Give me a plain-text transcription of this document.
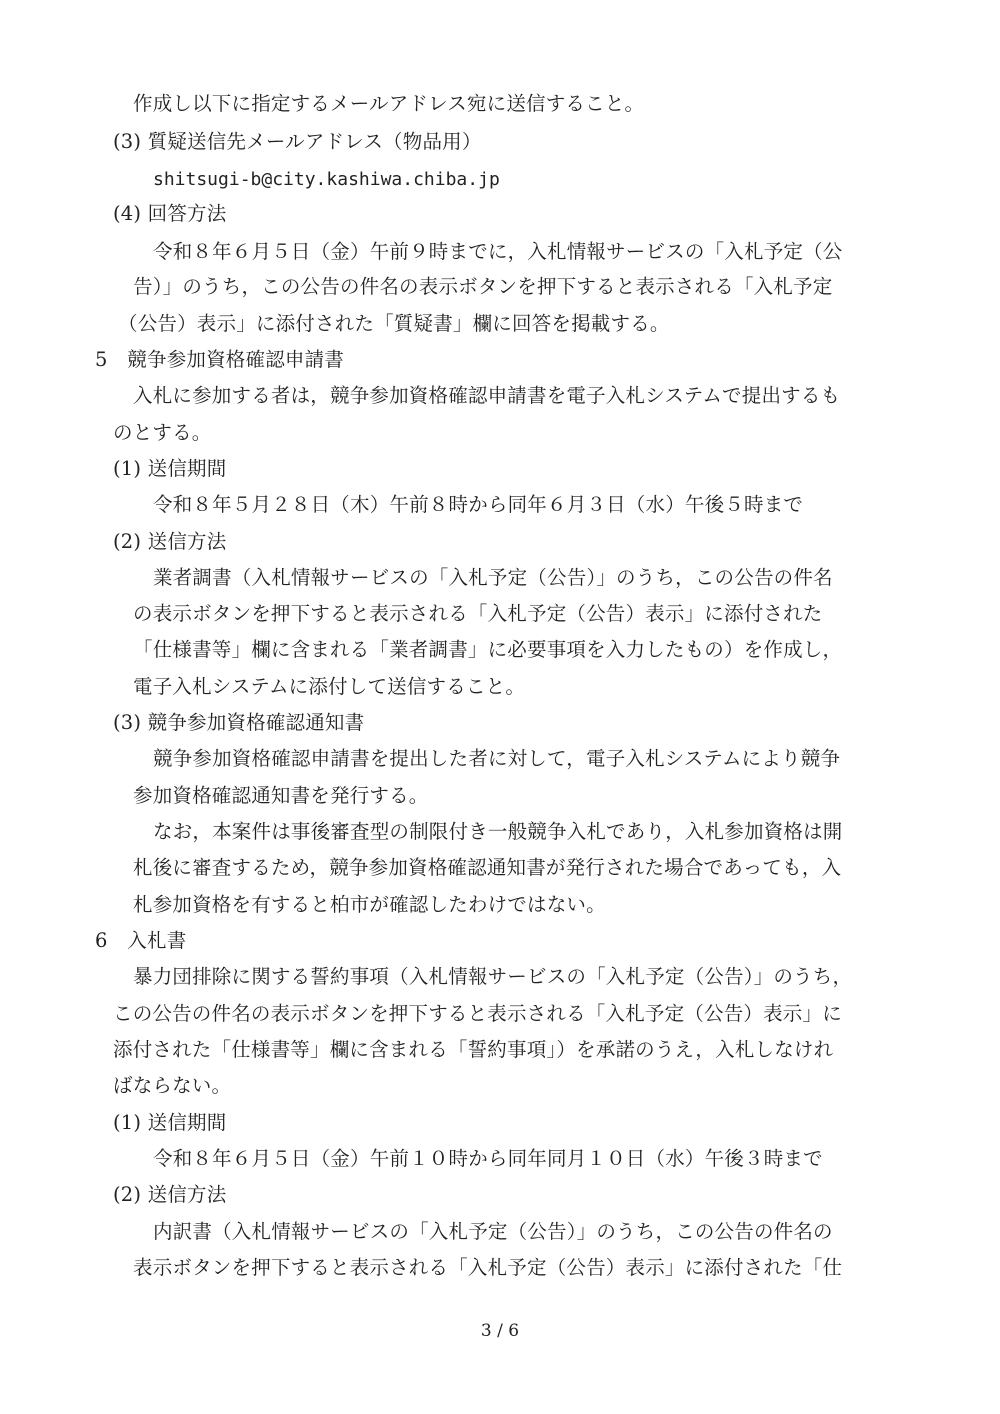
作成し以下に指定するメールアドレス宛に送信すること。
(3) 質疑送信先メールアドレス（物品用）
shitsugi-b@city.kashiwa.chiba.jp
(4) 回答方法
令和８年６月５日（金）午前９時までに，入札情報サービスの「入札予定（公
告）」のうち，この公告の件名の表示ボタンを押下すると表示される「入札予定
（公告）表示」に添付された「質疑書」欄に回答を掲載する。
5　競争参加資格確認申請書
入札に参加する者は，競争参加資格確認申請書を電子入札システムで提出するも
のとする。
(1) 送信期間
令和８年５月２８日（木）午前８時から同年６月３日（水）午後５時まで
(2) 送信方法
業者調書（入札情報サービスの「入札予定（公告）」のうち，この公告の件名
の表示ボタンを押下すると表示される「入札予定（公告）表示」に添付された
「仕様書等」欄に含まれる「業者調書」に必要事項を入力したもの）を作成し，
電子入札システムに添付して送信すること。
(3) 競争参加資格確認通知書
競争参加資格確認申請書を提出した者に対して，電子入札システムにより競争
参加資格確認通知書を発行する。
なお，本案件は事後審査型の制限付き一般競争入札であり，入札参加資格は開
札後に審査するため，競争参加資格確認通知書が発行された場合であっても，入
札参加資格を有すると柏市が確認したわけではない。
6　入札書
暴力団排除に関する誓約事項（入札情報サービスの「入札予定（公告）」のうち，
この公告の件名の表示ボタンを押下すると表示される「入札予定（公告）表示」に
添付された「仕様書等」欄に含まれる「誓約事項」）を承諾のうえ，入札しなけれ
ばならない。
(1) 送信期間
令和８年６月５日（金）午前１０時から同年同月１０日（水）午後３時まで
(2) 送信方法
内訳書（入札情報サービスの「入札予定（公告）」のうち，この公告の件名の
表示ボタンを押下すると表示される「入札予定（公告）表示」に添付された「仕
3 / 6
